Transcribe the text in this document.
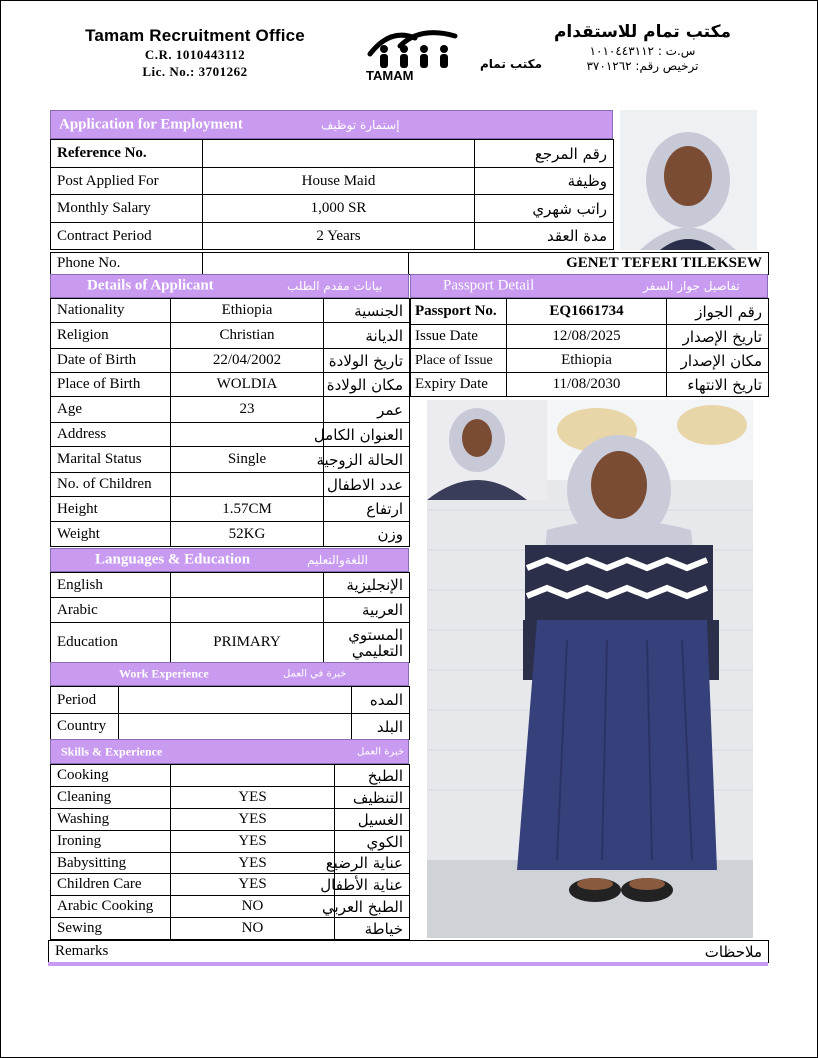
Tamam Recruitment Office
C.R. 1010443112
Lic. No.: 3701262	TAMAM
مكتب تمام
مكتب تمام للاستقدام
س.ت : ١٠١٠٤٤٣١١٢
ترخيص رقم: ٣٧٠١٢٦٢
Application for Employment	إستمارة توظيف
Reference No.		رقم المرجع
Post Applied For	House Maid	وظيفة
Monthly Salary	1,000 SR	راتب شهري
Contract Period	2 Years	مدة العقد
Phone No.		GENET TEFERI TILEKSEW
Details of Applicant	بيانات مقدم الطلب
Nationality	Ethiopia	الجنسية
Religion	Christian	الديانة
Date of Birth	22/04/2002	تاريخ الولادة
Place of Birth	WOLDIA	مكان الولادة
Age	23	عمر
Address		العنوان الكامل
Marital Status	Single	الحالة الزوجية
No. of Children		عدد الاطفال
Height	1.57CM	ارتفاع
Weight	52KG	وزن
Passport Detail	تفاصيل جواز السفر
Passport No.	EQ1661734	رقم الجواز
Issue Date	12/08/2025	تاريخ الإصدار
Place of Issue	Ethiopia	مكان الإصدار
Expiry Date	11/08/2030	تاريخ الانتهاء
Languages & Education	اللغةوالتعليم
English		الإنجليزية
Arabic		العربية
Education	PRIMARY	المستوي التعليمي
Work Experience	خبرة في العمل
Period		المده
Country		البلد
Skills & Experience	خبرة العمل
Cooking		الطبخ
Cleaning	YES	التنظيف
Washing	YES	الغسيل
Ironing	YES	الكوي
Babysitting	YES	عناية الرضيع
Children Care	YES	عناية الأطفال
Arabic Cooking	NO	الطبخ العربي
Sewing	NO	خياطة
Remarks	ملاحظات
